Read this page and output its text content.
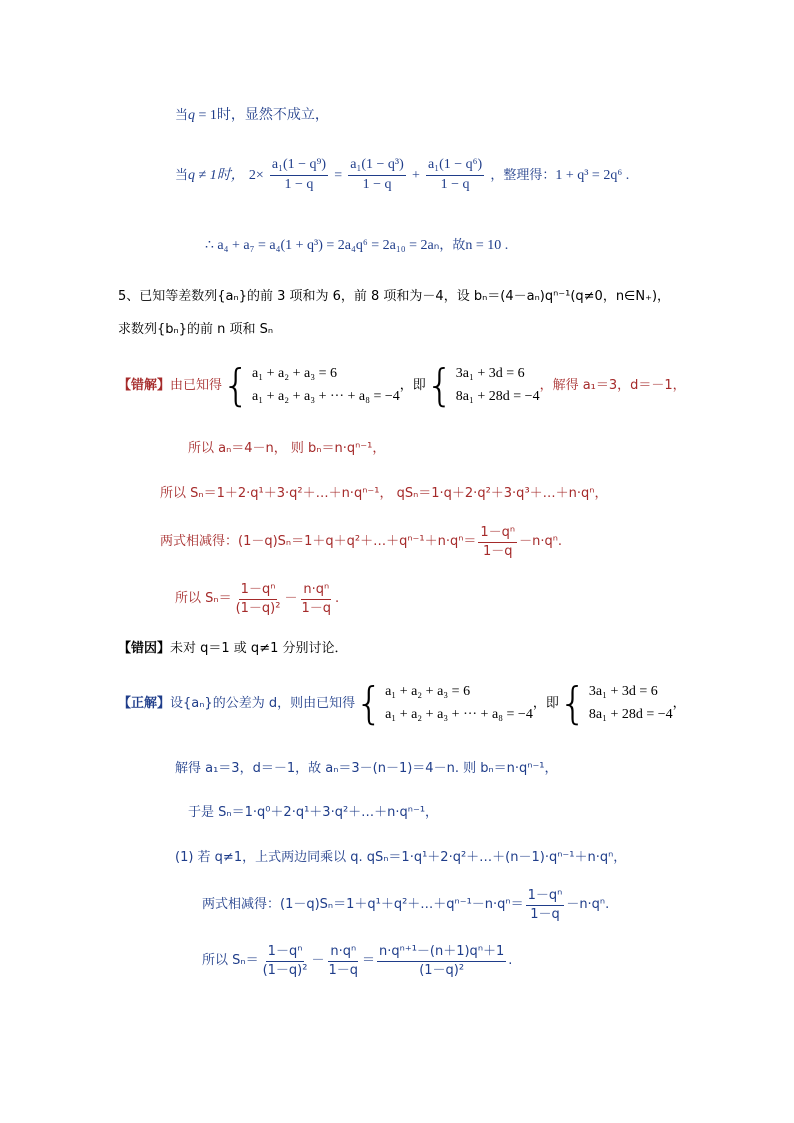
当q = 1时，显然不成立，
当q ≠ 1时， $2\times \frac{\text{a₁(1 − q⁹)}}{1 - q} = \frac{\text{a₁(1 − q³)}}{1 - q} + \frac{\text{a₁(1 − q⁶)}}{1 - q}$ ，整理得：1 + q³ = 2q⁶ .
∴ a₄ + a₇ = a₄(1 + q³) = 2a₄q⁶ = 2a₁₀ = 2aₙ，故n = 10 .
5、已知等差数列{aₙ}的前 3 项和为 6，前 8 项和为－4，设 bₙ＝(4－aₙ)qⁿ⁻¹(q≠0，n∈N₊)，
求数列{bₙ}的前 n 项和 Sₙ
【错解】 由已知得 { a₁ + a₂ + a₃ = 6
a₁ + a₂ + a₃ + ··· + a₈ = −4
，即 { 3a₁ + 3d = 6
8a₁ + 28d = −4
，解得 a₁＝3，d＝－1，
所以 aₙ＝4－n， 则 bₙ＝n·qⁿ⁻¹，
所以 Sₙ＝1＋2·q¹＋3·q²＋…＋n·qⁿ⁻¹， qSₙ＝1·q＋2·q²＋3·q³＋…＋n·qⁿ，
两式相减得：(1－q)Sₙ＝1＋q＋q²＋…＋qⁿ⁻¹＋n·qⁿ＝ $\frac{\text{1－qⁿ}}{1-q} -n\cdot q^n$.
所以 $S_n= \frac{\text{1－qⁿ}}{\text{(1－q)²}} - \frac{\text{n·qⁿ}}{1-q}$ .
【错因】未对 q＝1 或 q≠1 分别讨论．
【正解】 设{aₙ}的公差为 d，则由已知得 { a₁ + a₂ + a₃ = 6
a₁ + a₂ + a₃ + ··· + a₈ = −4
，即 { 3a₁ + 3d = 6
8a₁ + 28d = −4
，
解得 a₁＝3，d＝－1，故 aₙ＝3－(n－1)＝4－n. 则 bₙ＝n·qⁿ⁻¹，
于是 Sₙ＝1·q⁰＋2·q¹＋3·q²＋…＋n·qⁿ⁻¹，
(1) 若 q≠1，上式两边同乘以 q. qSₙ＝1·q¹＋2·q²＋…＋(n－1)·qⁿ⁻¹＋n·qⁿ，
两式相减得：(1－q)Sₙ＝1＋q¹＋q²＋…＋qⁿ⁻¹－n·qⁿ＝ $\frac{\text{1－qⁿ}}{1-q} -n\cdot q^n$.
所以 $S_n= \frac{\text{1－qⁿ}}{\text{(1－q)²}} - \frac{\text{n·qⁿ}}{1-q} = \frac{\text{n·qⁿ⁺¹－(n＋1)qⁿ＋1}}{\text{(1－q)²}}$ .
